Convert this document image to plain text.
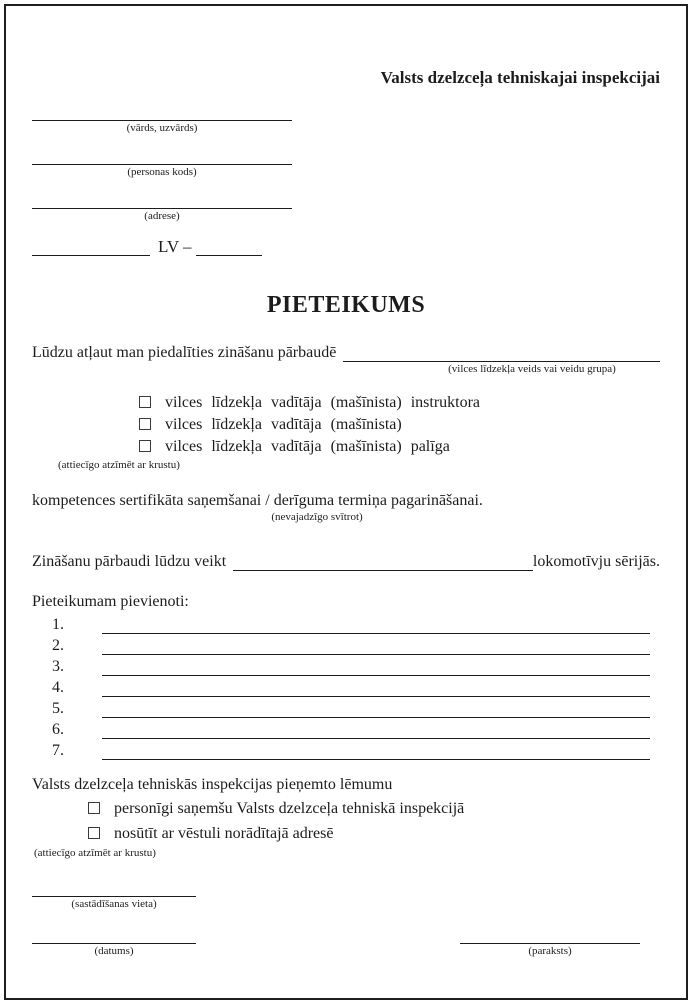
Valsts dzelzceļa tehniskajai inspekcijai
(vārds, uzvārds)
(personas kods)
(adrese)
LV –
PIETEIKUMS
Lūdzu atļaut man piedalīties zināšanu pārbaudē
(vilces līdzekļa veids vai veidu grupa)
vilces līdzekļa vadītāja (mašīnista) instruktora
vilces līdzekļa vadītāja (mašīnista)
vilces līdzekļa vadītāja (mašīnista) palīga
(attiecīgo atzīmēt ar krustu)
kompetences sertifikāta saņemšanai / derīguma termiņa pagarināšanai.
(nevajadzīgo svītrot)
Zināšanu pārbaudi lūdzu veikt	lokomotīvju sērijās.
Pieteikumam pievienoti:
1.
2.
3.
4.
5.
6.
7.
Valsts dzelzceļa tehniskās inspekcijas pieņemto lēmumu
personīgi saņemšu Valsts dzelzceļa tehniskā inspekcijā
nosūtīt ar vēstuli norādītajā adresē
(attiecīgo atzīmēt ar krustu)
(sastādīšanas vieta)
(datums)	(paraksts)
